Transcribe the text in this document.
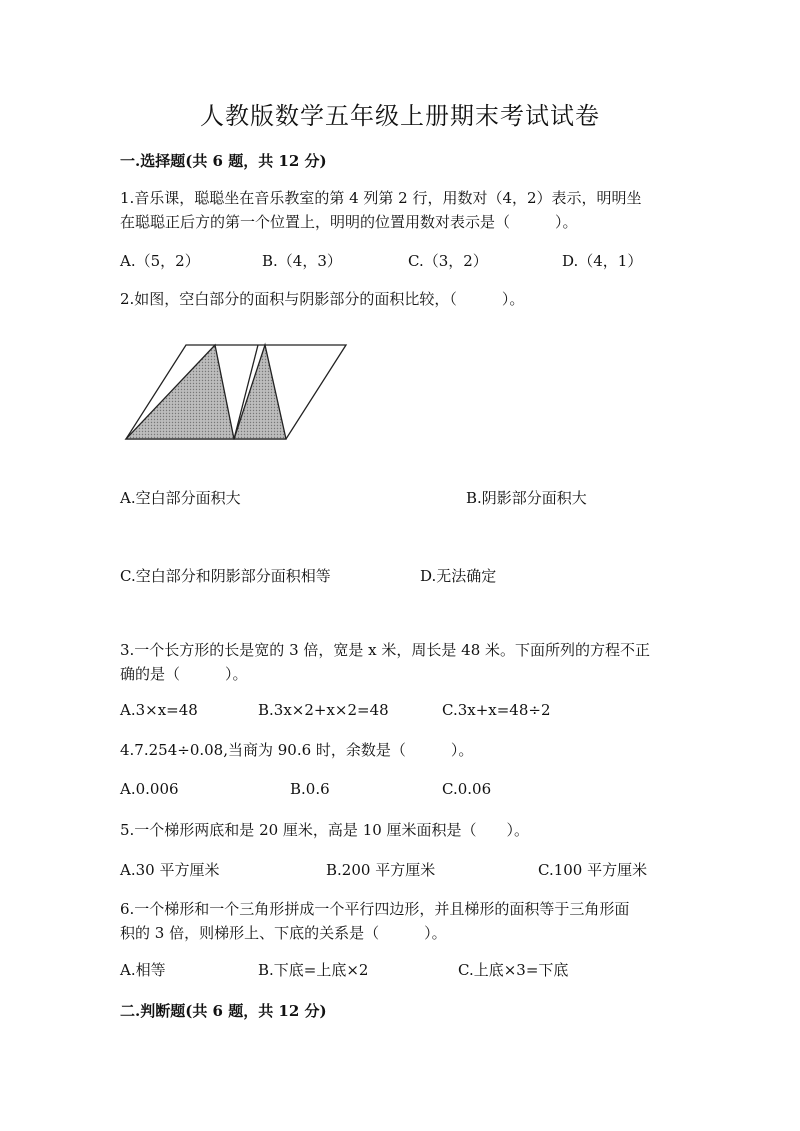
人教版数学五年级上册期末考试试卷
一.选择题(共 6 题，共 12 分)
1.音乐课，聪聪坐在音乐教室的第 4 列第 2 行，用数对（4，2）表示，明明坐
在聪聪正后方的第一个位置上，明明的位置用数对表示是（　　　）。
A.（5，2）	B.（4，3）	C.（3，2）	D.（4，1）
2.如图，空白部分的面积与阴影部分的面积比较，（　　　）。
A.空白部分面积大	B.阴影部分面积大
C.空白部分和阴影部分面积相等	D.无法确定
3.一个长方形的长是宽的 3 倍，宽是 x 米，周长是 48 米。下面所列的方程不正
确的是（　　　）。
A.3×x=48	B.3x×2+x×2=48	C.3x+x=48÷2
4.7.254÷0.08,当商为 90.6 时，余数是（　　　）。
A.0.006	B.0.6	C.0.06
5.一个梯形两底和是 20 厘米，高是 10 厘米面积是（　　）。
A.30 平方厘米	B.200 平方厘米	C.100 平方厘米
6.一个梯形和一个三角形拼成一个平行四边形，并且梯形的面积等于三角形面
积的 3 倍，则梯形上、下底的关系是（　　　）。
A.相等	B.下底=上底×2	C.上底×3=下底
二.判断题(共 6 题，共 12 分)
